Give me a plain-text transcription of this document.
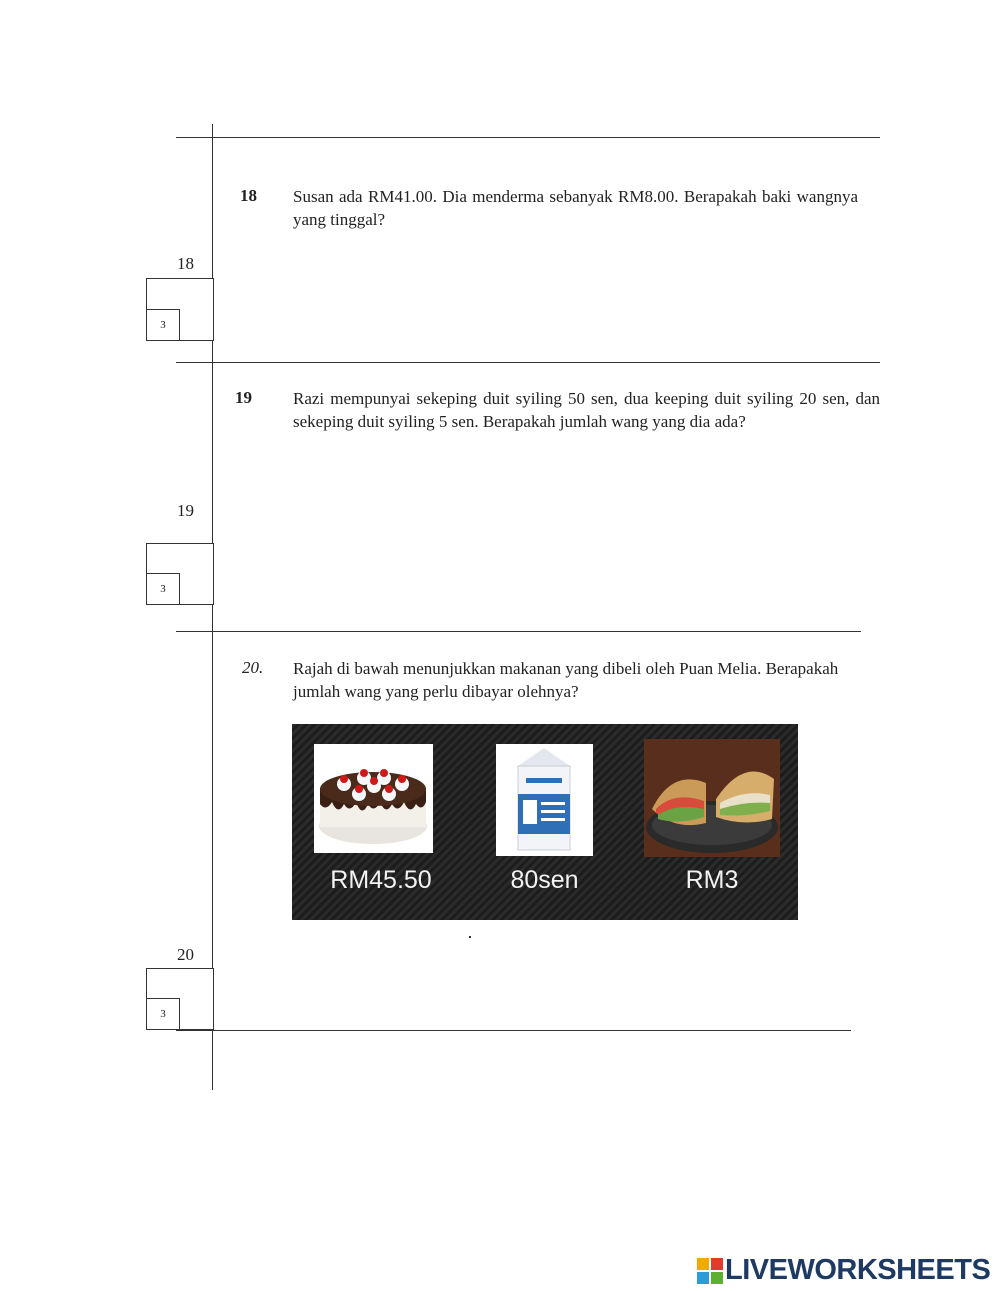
18 Susan ada RM41.00. Dia menderma sebanyak RM8.00. Berapakah baki wangnya yang tinggal?
18
3
19 Razi mempunyai sekeping duit syiling 50 sen, dua keeping duit syiling 20 sen, dan sekeping duit syiling 5 sen. Berapakah jumlah wang yang dia ada?
19
3
20. Rajah di bawah menunjukkan makanan yang dibeli oleh Puan Melia. Berapakah jumlah wang yang perlu dibayar olehnya?
RM45.50	80sen	RM3
20
3
LIVEWORKSHEETS
